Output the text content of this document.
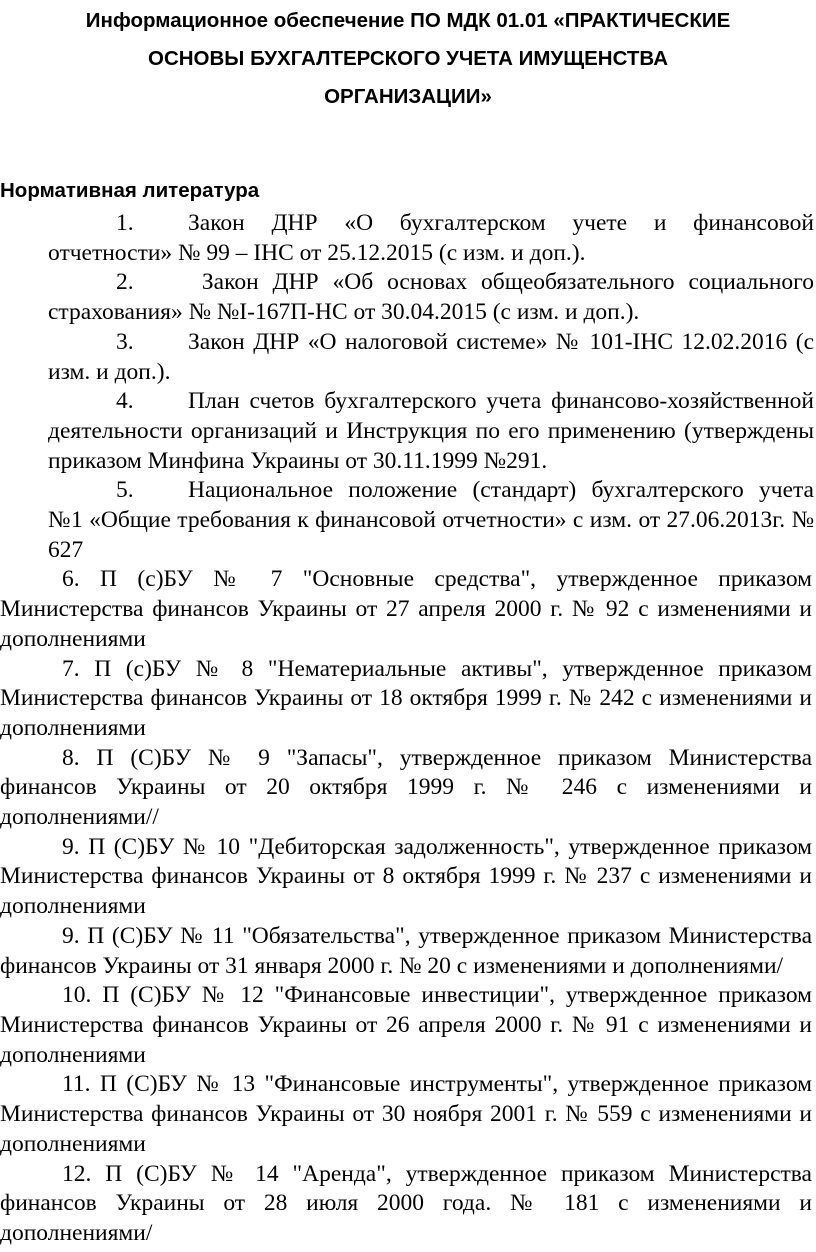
Информационное обеспечение ПО МДК 01.01 «ПРАКТИЧЕСКИЕ
ОСНОВЫ БУХГАЛТЕРСКОГО УЧЕТА ИМУЩЕНСТВА
ОРГАНИЗАЦИИ»
Нормативная литература

1. Закон ДНР «О бухгалтерском учете и финансовой отчетности» № 99 – IHC от 25.12.2015 (с изм. и доп.).

2. Закон ДНР «Об основах общеобязательного социального страхования» № №I-167П-НС от 30.04.2015 (с изм. и доп.).

3. Закон ДНР «О налоговой системе» № 101-IHC 12.02.2016 (с изм. и доп.).

4. План счетов бухгалтерского учета финансово-хозяйственной деятельности организаций и Инструкция по его применению (утверждены приказом Минфина Украины от 30.11.1999 №291.

5. Национальное положение (стандарт) бухгалтерского учета №1 «Общие требования к финансовой отчетности» с изм. от 27.06.2013г. № 627

6. П (с)БУ № 7 "Основные средства", утвержденное приказом Министерства финансов Украины от 27 апреля 2000 г. № 92 с изменениями и дополнениями

7. П (с)БУ № 8 "Нематериальные активы", утвержденное приказом Министерства финансов Украины от 18 октября 1999 г. № 242 с изменениями и дополнениями

8. П (С)БУ № 9 "Запасы", утвержденное приказом Министерства финансов Украины от 20 октября 1999 г. № 246 с изменениями и дополнениями//

9. П (С)БУ № 10 "Дебиторская задолженность", утвержденное приказом Министерства финансов Украины от 8 октября 1999 г. № 237 с изменениями и дополнениями

9. П (С)БУ № 11 "Обязательства", утвержденное приказом Министерства финансов Украины от 31 января 2000 г. № 20 с изменениями и дополнениями/

10. П (С)БУ № 12 "Финансовые инвестиции", утвержденное приказом Министерства финансов Украины от 26 апреля 2000 г. № 91 с изменениями и дополнениями

11. П (С)БУ № 13 "Финансовые инструменты", утвержденное приказом Министерства финансов Украины от 30 ноября 2001 г. № 559 с изменениями и дополнениями

12. П (С)БУ № 14 "Аренда", утвержденное приказом Министерства финансов Украины от 28 июля 2000 года. № 181 с изменениями и дополнениями/
